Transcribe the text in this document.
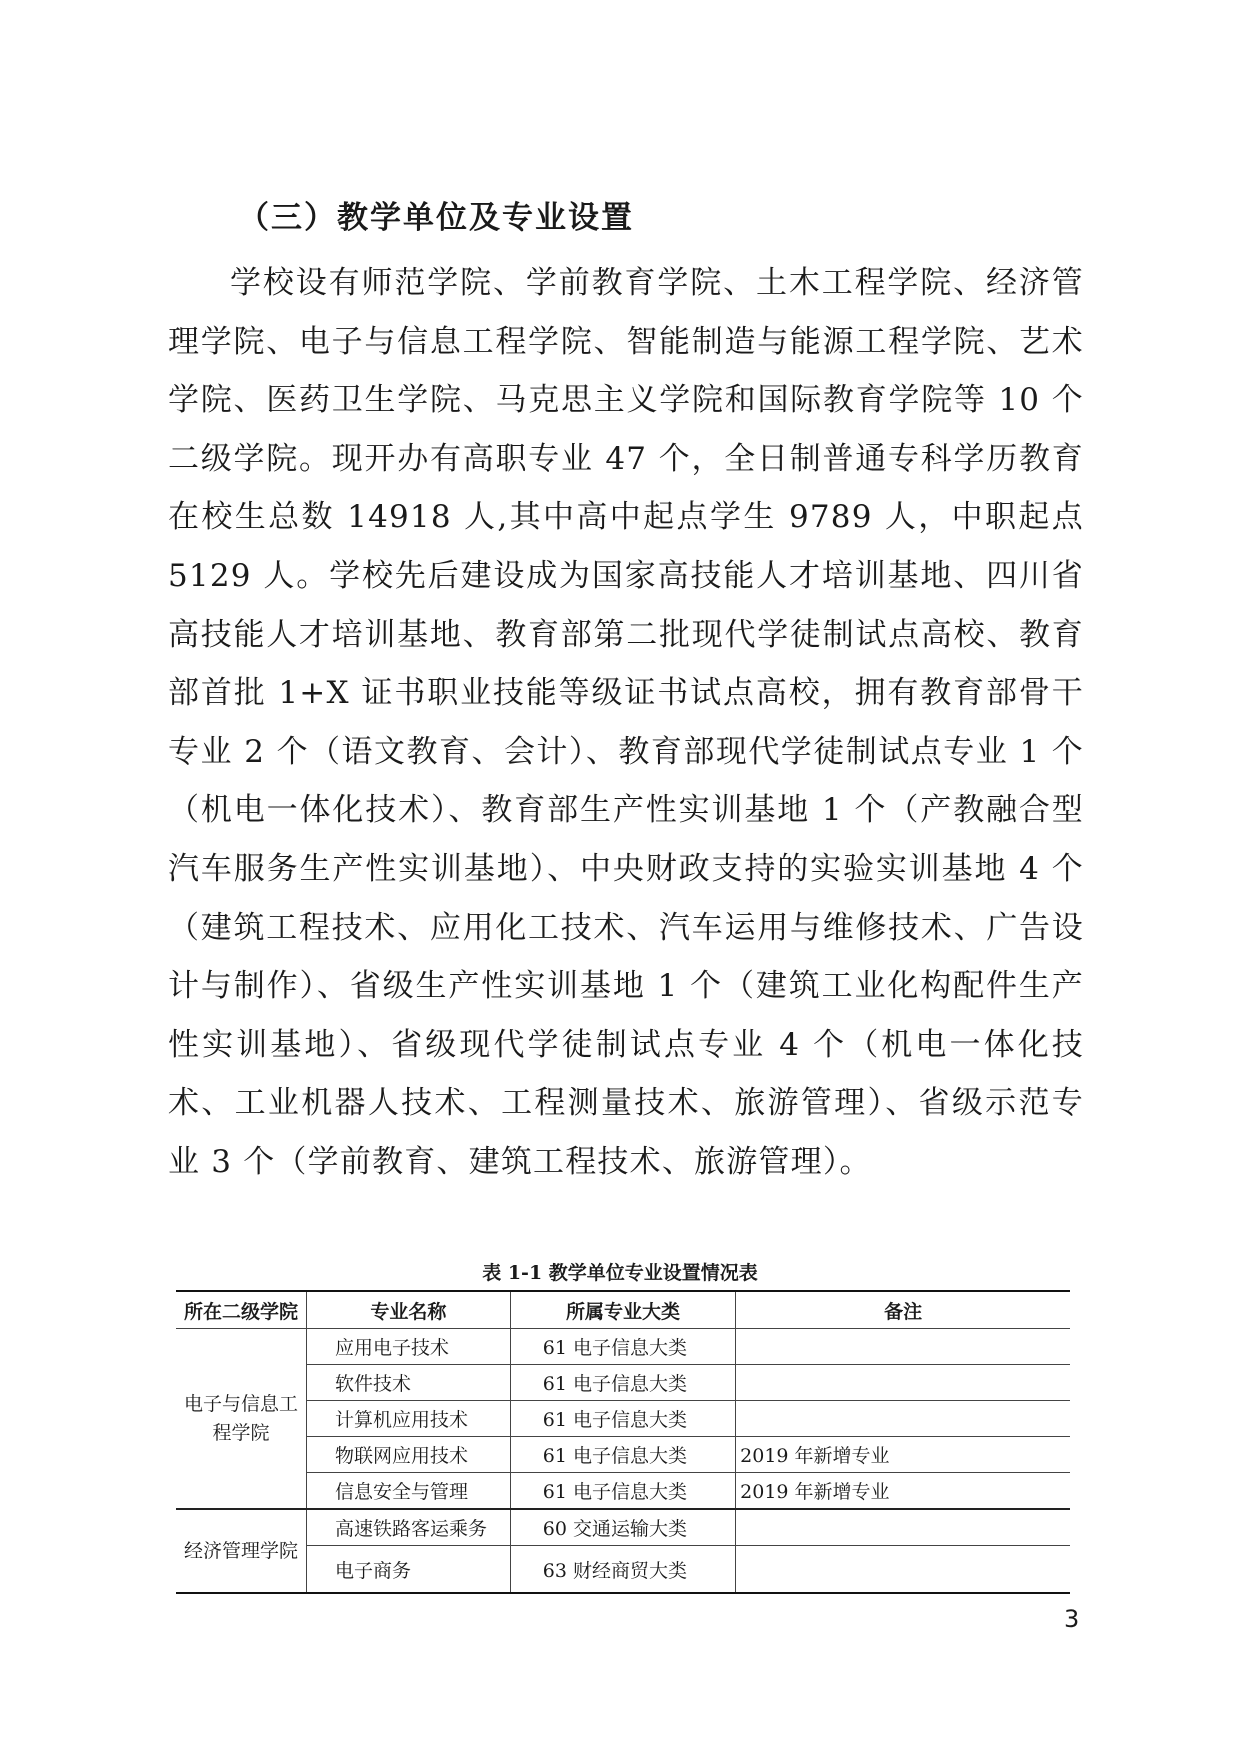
（三）教学单位及专业设置

学校设有师范学院、学前教育学院、土木工程学院、经济管理学院、电子与信息工程学院、智能制造与能源工程学院、艺术学院、医药卫生学院、马克思主义学院和国际教育学院等 10 个二级学院。现开办有高职专业 47 个，全日制普通专科学历教育在校生总数 14918 人,其中高中起点学生 9789 人，中职起点 5129 人。学校先后建设成为国家高技能人才培训基地、四川省高技能人才培训基地、教育部第二批现代学徒制试点高校、教育部首批 1+X 证书职业技能等级证书试点高校，拥有教育部骨干专业 2 个（语文教育、会计）、教育部现代学徒制试点专业 1 个（机电一体化技术）、教育部生产性实训基地 1 个（产教融合型汽车服务生产性实训基地）、中央财政支持的实验实训基地 4 个（建筑工程技术、应用化工技术、汽车运用与维修技术、广告设计与制作）、省级生产性实训基地 1 个（建筑工业化构配件生产性实训基地）、省级现代学徒制试点专业 4 个（机电一体化技术、工业机器人技术、工程测量技术、旅游管理）、省级示范专业 3 个（学前教育、建筑工程技术、旅游管理）。

表 1-1 教学单位专业设置情况表
所在二级学院	专业名称	所属专业大类	备注
电子与信息工程学院	应用电子技术	61 电子信息大类	
	软件技术	61 电子信息大类	
	计算机应用技术	61 电子信息大类	
	物联网应用技术	61 电子信息大类	2019 年新增专业
	信息安全与管理	61 电子信息大类	2019 年新增专业
经济管理学院	高速铁路客运乘务	60 交通运输大类	
	电子商务	63 财经商贸大类	
3
